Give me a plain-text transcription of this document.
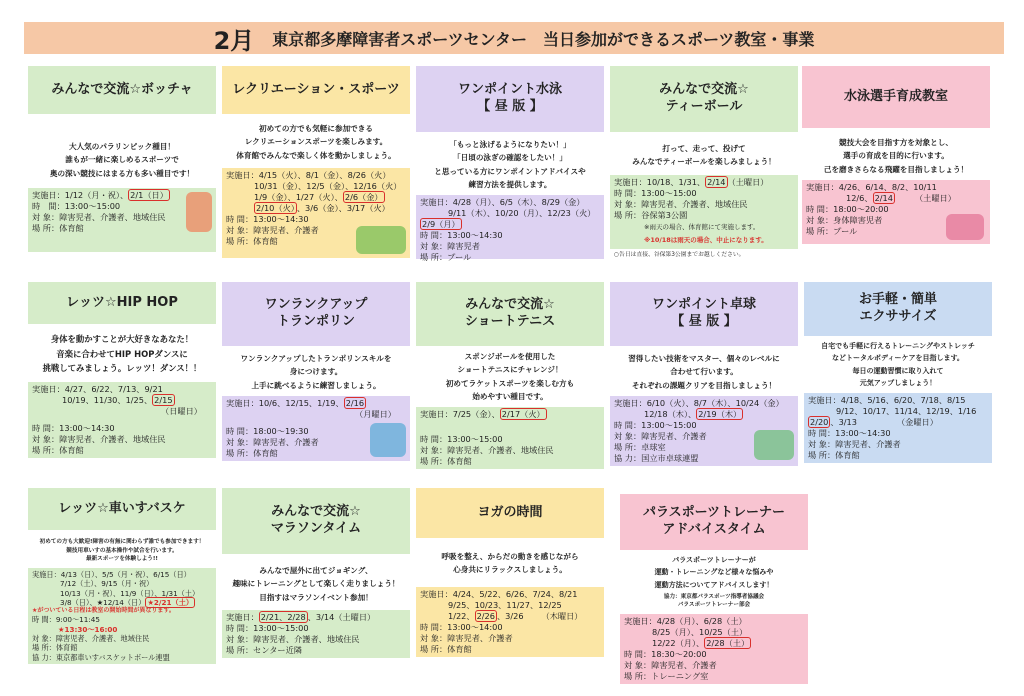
2月 東京都多摩障害者スポーツセンター　当日参加ができるスポーツ教室・事業
みんなで交流☆ボッチャ
大人気のパラリンピック種目！
誰もが一緒に楽しめるスポーツで
奥の深い競技にはまる方も多い種目です！
実施日：1/12（月・祝）、 2/1（日）
時　間：13:00〜15:00
対 象：障害児者、介護者、地域住民
場 所：体育館
レクリエーション・スポーツ
初めての方でも気軽に参加できる
レクリエーションスポーツを楽しみます。
体育館でみんなで楽しく体を動かしましょう。
実施日：4/15（火）、8/1（金）、8/26（火）
10/31（金）、12/5（金）、12/16（火）
1/9（金）、1/27（火）、 2/6（金）
2/10（火） 、3/6（金）、3/17（火）
時 間：13:00〜14:30
対 象：障害児者、介護者
場 所：体育館
ワンポイント水泳
【 昼 版 】
「もっと泳げるようになりたい！」
「日頃の泳ぎの確認をしたい！」
と思っている方にワンポイントアドバイスや
練習方法を提供します。
実施日：4/28（月）、6/5（木）、8/29（金）
9/11（木）、10/20（月）、12/23（火）
2/9（月）
時 間：13:00〜14:30
対 象：障害児者
場 所：プール
みんなで交流☆
ティーボール
打って、走って、投げて
みんなでティーボールを楽しみましょう！
実施日：10/18、1/31、 2/14 （土曜日）
時 間：13:00〜15:00
対 象：障害児者、介護者、地域住民
場 所：谷保第3公園
※雨天の場合、体育館にて実施します。
※10/18は雨天の場合、中止になります。
○告日は直接、谷保第3公園までお越しください。
水泳選手育成教室
競技大会を目指す方を対象とし、
選手の育成を目的に行います。
己を磨きさらなる飛躍を目指しましょう！
実施日：4/26、6/14、8/2、10/11
12/6、 2/14	（土曜日）
時 間：18:00〜20:00
対 象：身体障害児者
場 所：プール
レッツ☆HIP HOP
身体を動かすことが大好きなあなた！
音楽に合わせてHIP HOPダンスに
挑戦してみましょう。レッツ！ダンス！！
実施日：4/27、6/22、7/13、9/21
10/19、11/30、1/25、 2/15
（日曜日）
時 間：13:00〜14:30
対 象：障害児者、介護者、地域住民
場 所：体育館
ワンランクアップ
トランポリン
ワンランクアップしたトランポリンスキルを
身につけます。
上手に跳べるように練習しましょう。
実施日：10/6、12/15、1/19、 2/16
（月曜日）
時 間：18:00〜19:30
対 象：障害児者、介護者
場 所：体育館
みんなで交流☆
ショートテニス
スポンジボールを使用した
ショートテニスにチャレンジ！
初めてラケットスポーツを楽しむ方も
始めやすい種目です。
実施日：7/25（金）、 2/17（火）
時 間：13:00〜15:00
対 象：障害児者、介護者、地域住民
場 所：体育館
ワンポイント卓球
【 昼 版 】
習得したい技術をマスター、個々のレベルに
合わせて行います。
それぞれの課題クリアを目指しましょう！
実施日：6/10（火）、8/7（木）、10/24（金）
12/18（木）、 2/19（木）
時 間：13:00〜15:00
対 象：障害児者、介護者
場 所：卓球室
協 力：国立市卓球連盟
お手軽・簡単
エクササイズ
自宅でも手軽に行えるトレーニングやストレッチ
などトータルボディーケアを目指します。
毎日の運動習慣に取り入れて
元気アップしましょう！
実施日：4/18、5/16、6/20、7/18、8/15
9/12、10/17、11/14、12/19、1/16
2/20 、3/13	（金曜日）
時 間：13:00〜14:30
対 象：障害児者、介護者
場 所：体育館
レッツ☆車いすバスケ
初めての方も大歓迎!障害の有無に関わらず誰でも参加できます！
競技用車いすの基本操作や試合を行います。
最新スポーツを体験しよう!!
実施日：4/13（日）、5/5（月・祝）、6/15（日）
7/12（土）、9/15（月・祝）
10/13（月・祝）、11/9（日）、1/31（土）
3/8（日）、★12/14（日） ★2/21（土）
★がついている日程は教室の開始時間が異なります。
時 間：9:00〜11:45
★13:30〜16:00
対 象：障害児者、介護者、地域住民
場 所：体育館
協 力：東京都車いすバスケットボール連盟
みんなで交流☆
マラソンタイム
みんなで屋外に出てジョギング、
趣味にトレーニングとして楽しく走りましょう！
目指すはマラソンイベント参加！
実施日： 2/21、2/28 、3/14（土曜日）
時 間：13:00〜15:00
対 象：障害児者、介護者、地域住民
場 所：センター近隣
ヨガの時間
呼吸を整え、からだの動きを感じながら
心身共にリラックスしましょう。
実施日：4/24、5/22、6/26、7/24、8/21
9/25、10/23、11/27、12/25
1/22、 2/26 、3/26 （木曜日）
時 間：13:00〜14:00
対 象：障害児者、介護者
場 所：体育館
パラスポーツトレーナー
アドバイスタイム
パラスポーツトレーナーが
運動・トレーニングなど様々な悩みや
運動方法についてアドバイスします！
協力：東京都パラスポーツ指導者協議会
パラスポーツトレーナー部会
実施日：4/28（月）、6/28（土）
8/25（月）、10/25（土）
12/22（月）、 2/28（土）
時 間：18:30〜20:00
対 象：障害児者、介護者
場 所：トレーニング室
